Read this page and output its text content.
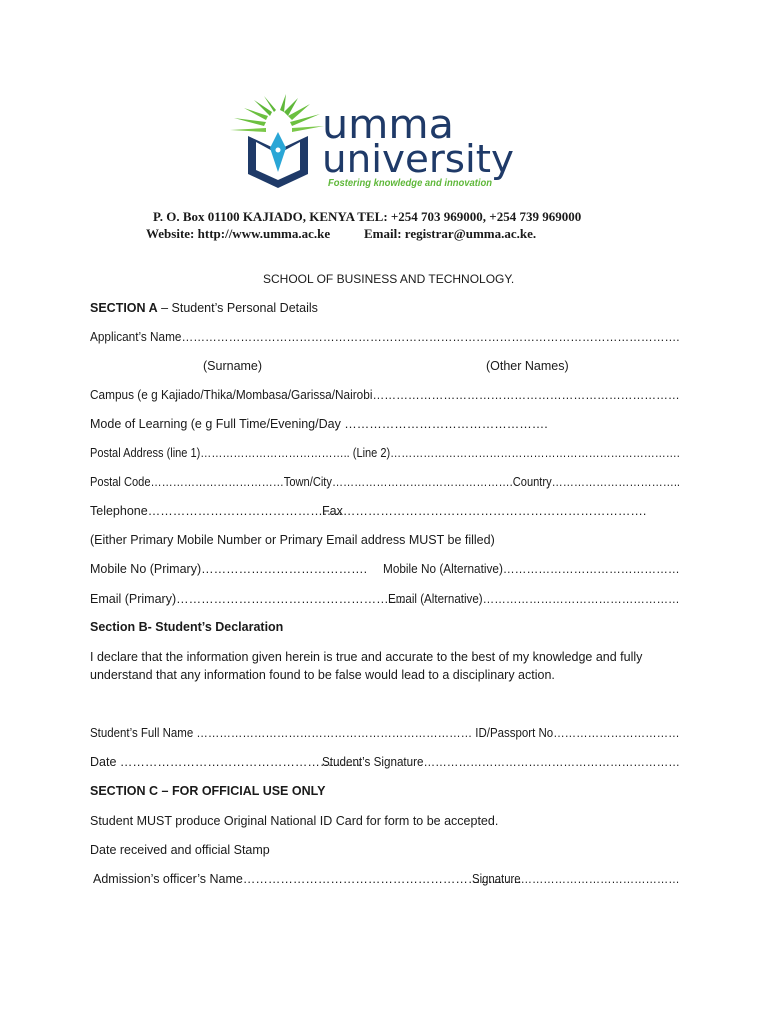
umma
university
Fostering knowledge and innovation
P. O. Box 01100 KAJIADO, KENYA TEL: +254 703 969000, +254 739 969000
Website: http://www.umma.ac.ke	Email: registrar@umma.ac.ke.
SCHOOL OF BUSINESS AND TECHNOLOGY.
SECTION A – Student’s Personal Details
Applicant’s Name……………………………………………………………………………………………………………….
(Surname)	(Other Names)
Campus (e g Kajiado/Thika/Mombasa/Garissa/Nairobi……………………………………………………………………
Mode of Learning (e g Full Time/Evening/Day ………………………………………….
Postal Address (line 1)………………………………….. (Line 2)…………………………………………………………………….
Postal Code………………………………Town/City………………………………………….Country……………………………..
Telephone………………………………………..
Fax……………………………………………………………….
(Either Primary Mobile Number or Primary Email address MUST be filled)
Mobile No (Primary)…………………………………. Mobile No (Alternative)………………………………………
Email (Primary)……………………………………………….
Email (Alternative)……………………………………………
Section B- Student’s Declaration
I declare that the information given herein is true and accurate to the best of my knowledge and fully
understand that any information found to be false would lead to a disciplinary action.
Student’s Full Name ……………………………………………………………… ID/Passport No……………………………
Date ………………………………………………….
Student’s Signature…………………………………………………………
SECTION C – FOR OFFICIAL USE ONLY
Student MUST produce Original National ID Card for form to be accepted.
Date received and official Stamp
Admission’s officer’s Name………………………………………………………….
Signature……………………………………
